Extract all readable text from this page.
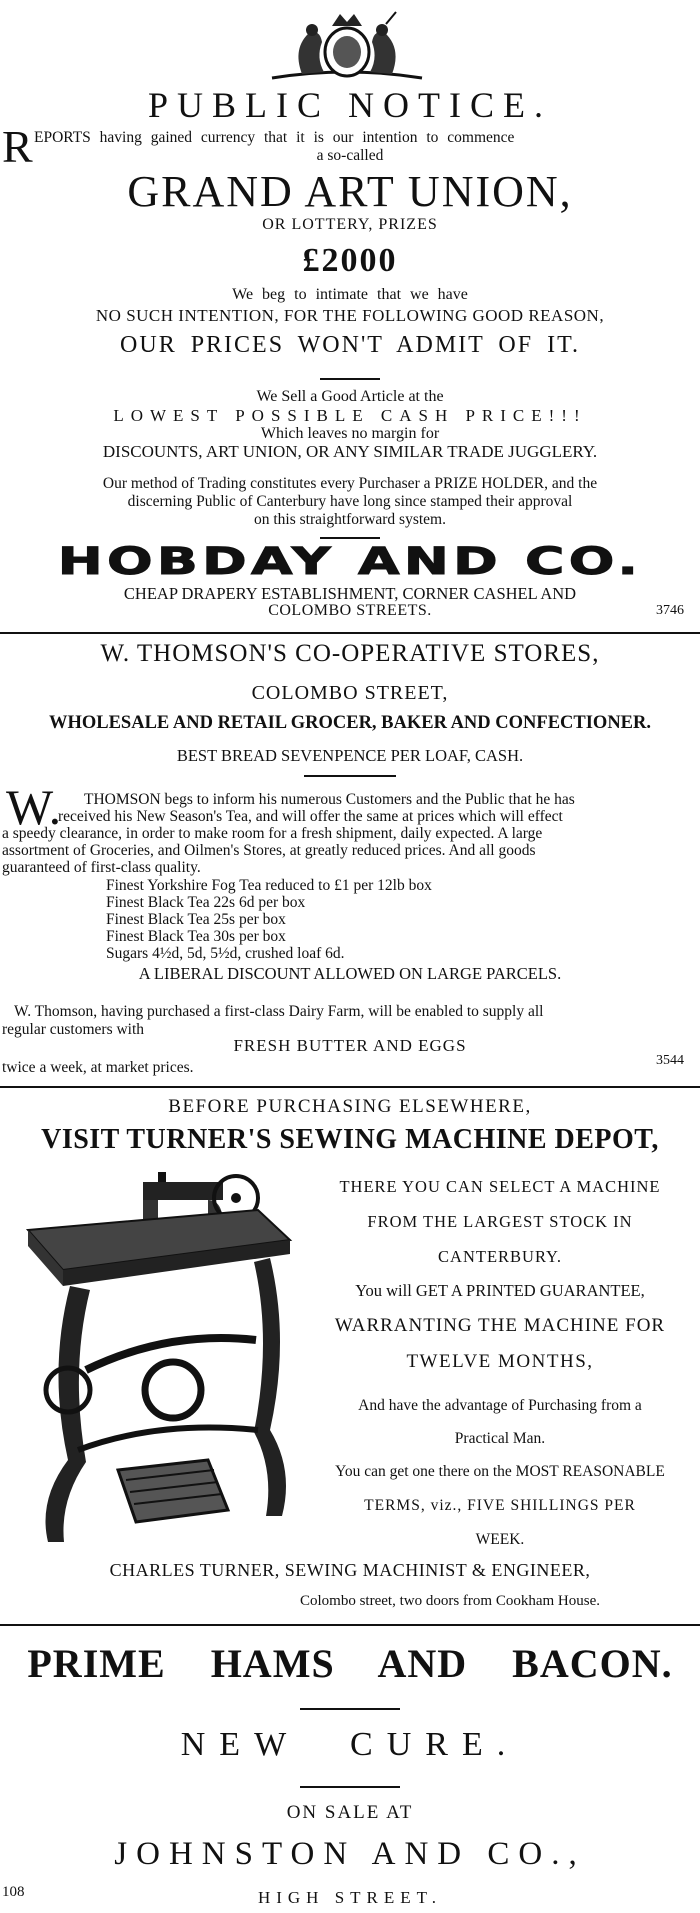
PUBLIC NOTICE.
R EPORTS having gained currency that it is our intention to commence
a so-called
GRAND ART UNION,
OR LOTTERY, PRIZES
£2000
We beg to intimate that we have
NO SUCH INTENTION, FOR THE FOLLOWING GOOD REASON,
OUR PRICES WON'T ADMIT OF IT.
We Sell a Good Article at the
LOWEST POSSIBLE CASH PRICE!!!
Which leaves no margin for
DISCOUNTS, ART UNION, OR ANY SIMILAR TRADE JUGGLERY.
Our method of Trading constitutes every Purchaser a PRIZE HOLDER, and the
discerning Public of Canterbury have long since stamped their approval
on this straightforward system.
HOBDAY AND CO.
CHEAP DRAPERY ESTABLISHMENT, CORNER CASHEL AND
COLOMBO STREETS.	3746
W. THOMSON'S CO-OPERATIVE STORES,
COLOMBO STREET,
WHOLESALE AND RETAIL GROCER, BAKER AND CONFECTIONER.
BEST BREAD SEVENPENCE PER LOAF, CASH.
W. THOMSON begs to inform his numerous Customers and the Public that he has
received his New Season's Tea, and will offer the same at prices which will effect
a speedy clearance, in order to make room for a fresh shipment, daily expected. A large
assortment of Groceries, and Oilmen's Stores, at greatly reduced prices. And all goods
guaranteed of first-class quality.
Finest Yorkshire Fog Tea reduced to £1 per 12lb box
Finest Black Tea 22s 6d per box
Finest Black Tea 25s per box
Finest Black Tea 30s per box
Sugars 4½d, 5d, 5½d, crushed loaf 6d.
A LIBERAL DISCOUNT ALLOWED ON LARGE PARCELS.
W. Thomson, having purchased a first-class Dairy Farm, will be enabled to supply all
regular customers with
FRESH BUTTER AND EGGS
twice a week, at market prices.	3544
BEFORE PURCHASING ELSEWHERE,
VISIT TURNER'S SEWING MACHINE DEPOT,
THERE YOU CAN SELECT A MACHINE
FROM THE LARGEST STOCK IN
CANTERBURY.
You will GET A PRINTED GUARANTEE,
WARRANTING THE MACHINE FOR
TWELVE MONTHS,
And have the advantage of Purchasing from a
Practical Man.
You can get one there on the MOST REASONABLE
TERMS, viz., FIVE SHILLINGS PER
WEEK.
CHARLES TURNER, SEWING MACHINIST & ENGINEER,
Colombo street, two doors from Cookham House.
PRIME HAMS AND BACON.
NEW CURE.
ON SALE AT
JOHNSTON AND CO.,
108	HIGH STREET.
